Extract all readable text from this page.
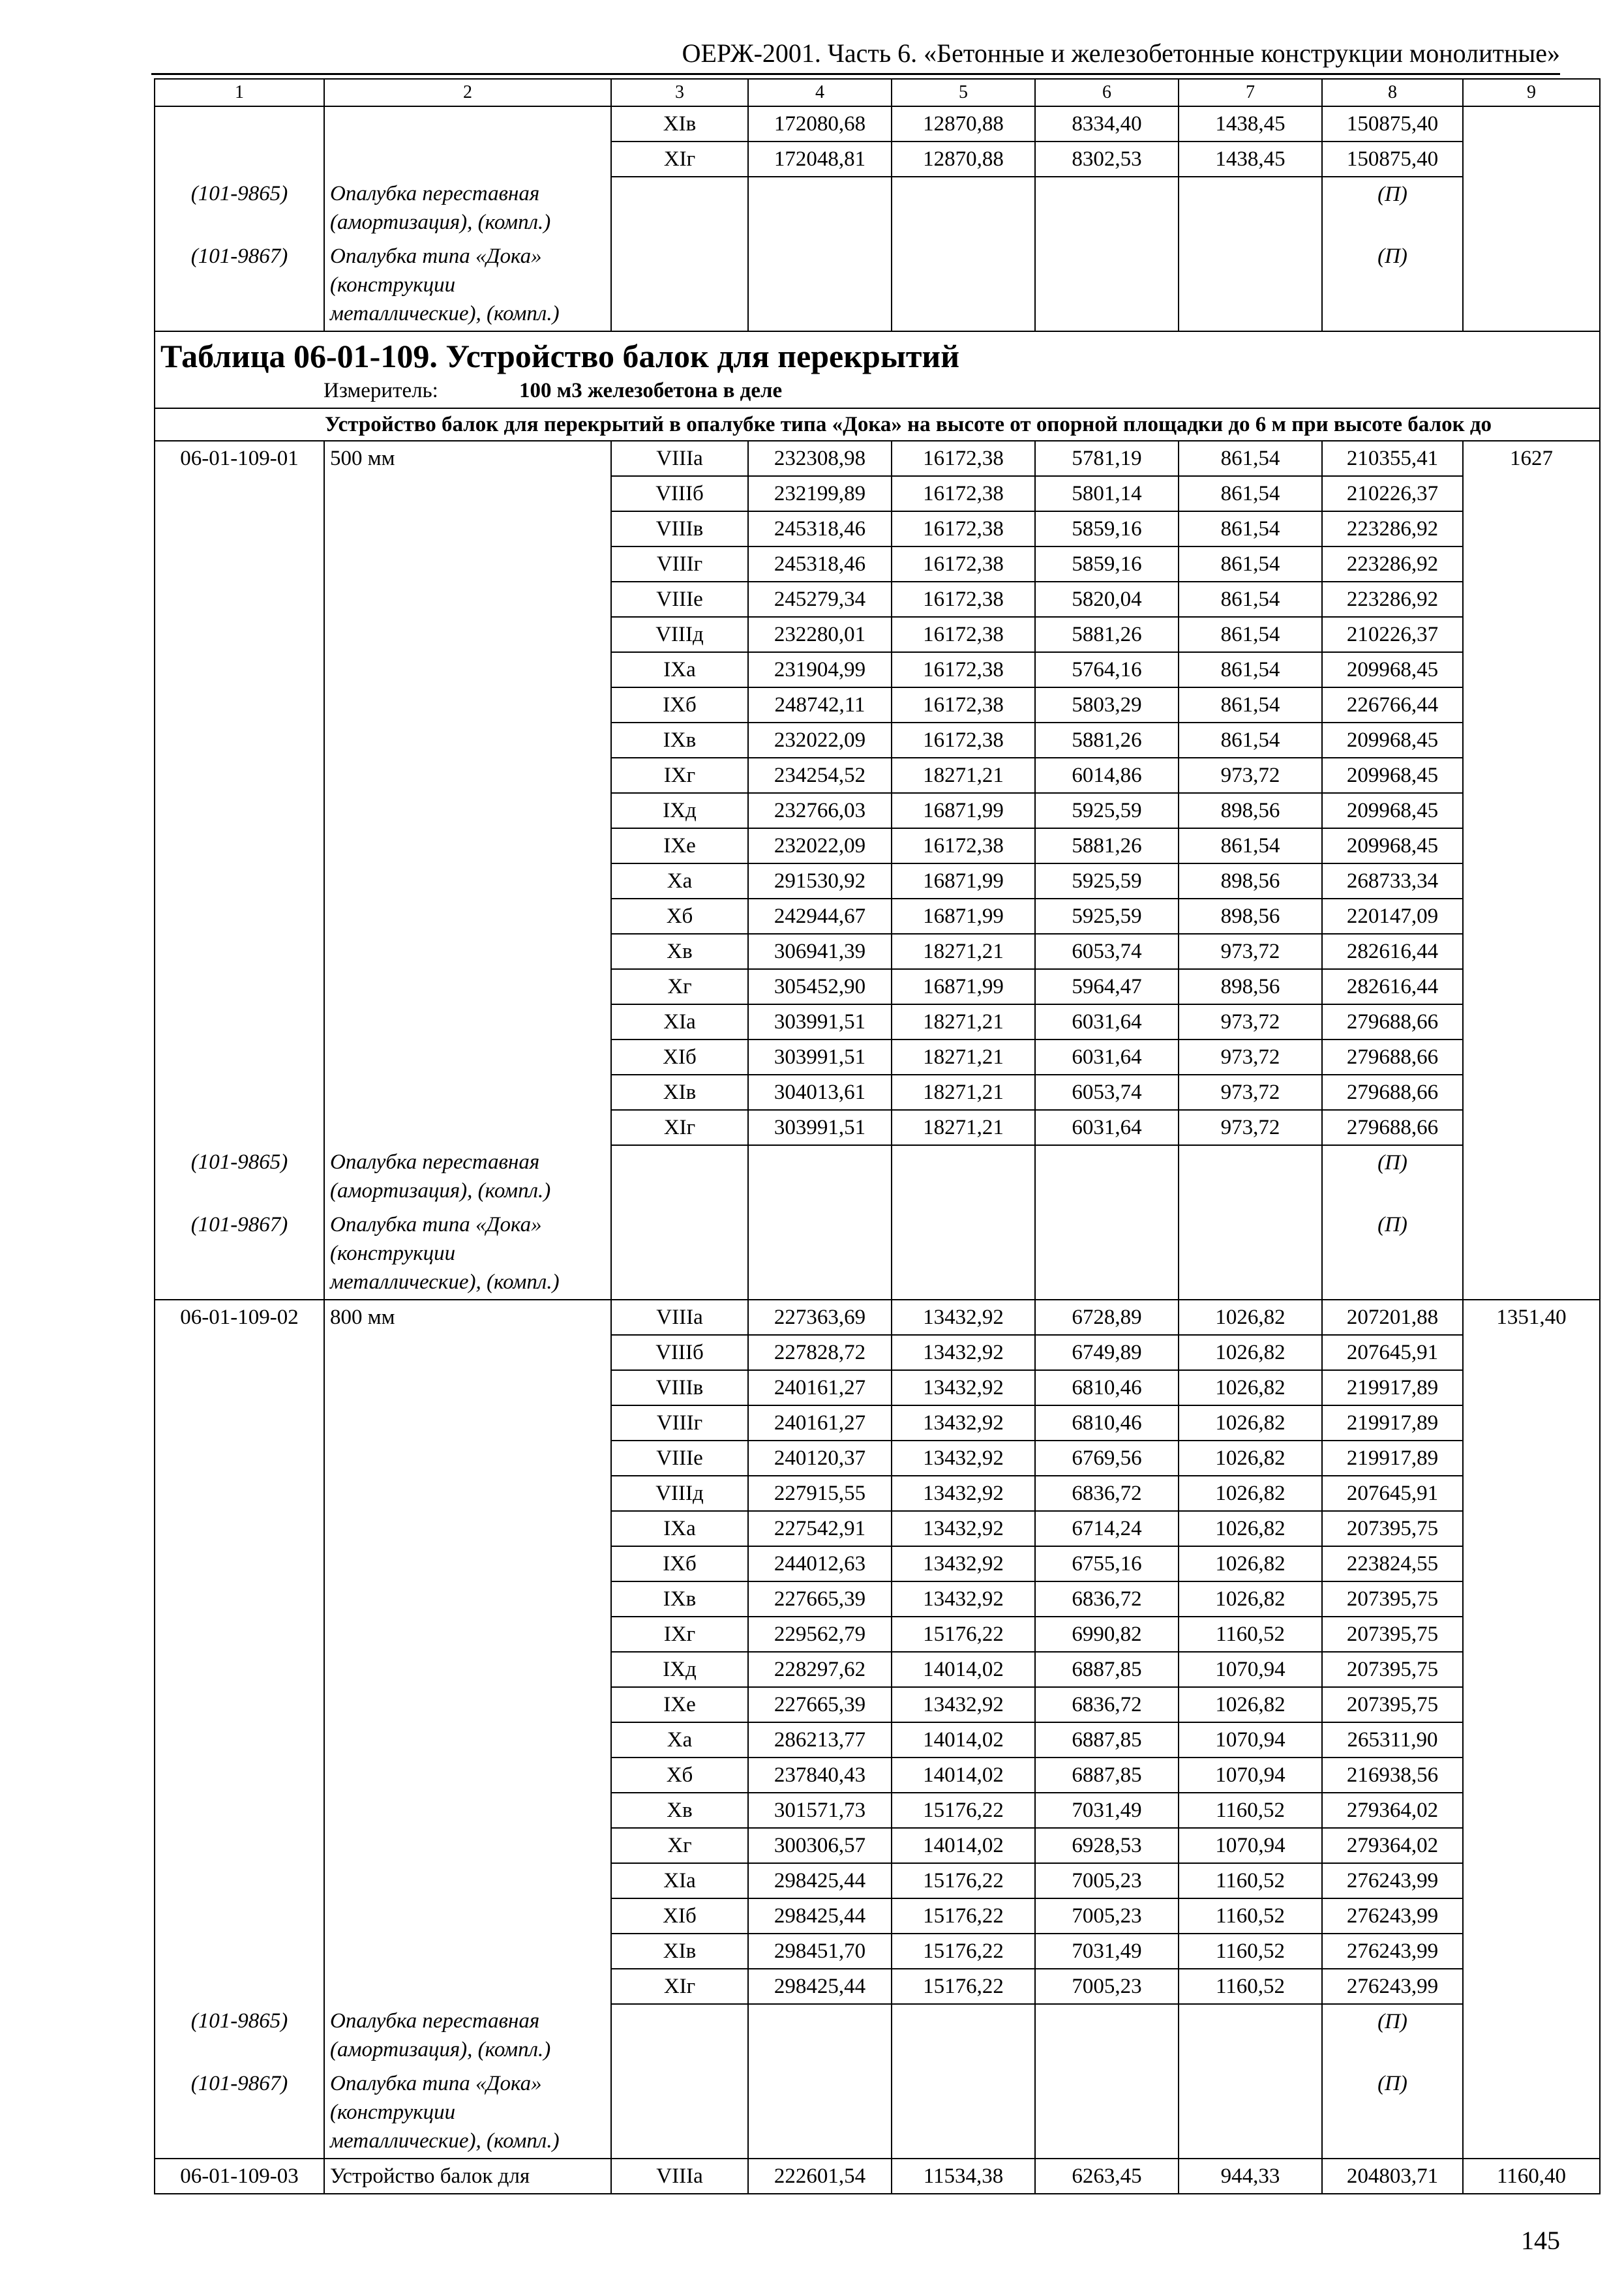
ОЕРЖ-2001. Часть 6. «Бетонные и железобетонные конструкции монолитные»
1	2	3	4	5	6	7	8	9
		XIв	172080,68	12870,88	8334,40	1438,45	150875,40	
		XIг	172048,81	12870,88	8302,53	1438,45	150875,40	
(101-9865)	Опалубка переставная (амортизация), (компл.)						(П)	
(101-9867)	Опалубка типа «Дока» (конструкции металлические), (компл.)						(П)	
Таблица 06-01-109. Устройство балок для перекрытий								
Измеритель: 100 м3 железобетона в деле								
Устройство балок для перекрытий в опалубке типа «Дока» на высоте от опорной площадки до 6 м при высоте балок до								
06-01-109-01	500 мм	VIIIа	232308,98	16172,38	5781,19	861,54	210355,41	1627
		VIIIб	232199,89	16172,38	5801,14	861,54	210226,37	
		VIIIв	245318,46	16172,38	5859,16	861,54	223286,92	
		VIIIг	245318,46	16172,38	5859,16	861,54	223286,92	
		VIIIе	245279,34	16172,38	5820,04	861,54	223286,92	
		VIIIд	232280,01	16172,38	5881,26	861,54	210226,37	
		IXа	231904,99	16172,38	5764,16	861,54	209968,45	
		IXб	248742,11	16172,38	5803,29	861,54	226766,44	
		IXв	232022,09	16172,38	5881,26	861,54	209968,45	
		IXг	234254,52	18271,21	6014,86	973,72	209968,45	
		IXд	232766,03	16871,99	5925,59	898,56	209968,45	
		IXе	232022,09	16172,38	5881,26	861,54	209968,45	
		Xа	291530,92	16871,99	5925,59	898,56	268733,34	
		Xб	242944,67	16871,99	5925,59	898,56	220147,09	
		Xв	306941,39	18271,21	6053,74	973,72	282616,44	
		Xг	305452,90	16871,99	5964,47	898,56	282616,44	
		XIа	303991,51	18271,21	6031,64	973,72	279688,66	
		XIб	303991,51	18271,21	6031,64	973,72	279688,66	
		XIв	304013,61	18271,21	6053,74	973,72	279688,66	
		XIг	303991,51	18271,21	6031,64	973,72	279688,66	
(101-9865)	Опалубка переставная (амортизация), (компл.)						(П)	
(101-9867)	Опалубка типа «Дока» (конструкции металлические), (компл.)						(П)	
06-01-109-02	800 мм	VIIIа	227363,69	13432,92	6728,89	1026,82	207201,88	1351,40
		VIIIб	227828,72	13432,92	6749,89	1026,82	207645,91	
		VIIIв	240161,27	13432,92	6810,46	1026,82	219917,89	
		VIIIг	240161,27	13432,92	6810,46	1026,82	219917,89	
		VIIIе	240120,37	13432,92	6769,56	1026,82	219917,89	
		VIIIд	227915,55	13432,92	6836,72	1026,82	207645,91	
		IXа	227542,91	13432,92	6714,24	1026,82	207395,75	
		IXб	244012,63	13432,92	6755,16	1026,82	223824,55	
		IXв	227665,39	13432,92	6836,72	1026,82	207395,75	
		IXг	229562,79	15176,22	6990,82	1160,52	207395,75	
		IXд	228297,62	14014,02	6887,85	1070,94	207395,75	
		IXе	227665,39	13432,92	6836,72	1026,82	207395,75	
		Xа	286213,77	14014,02	6887,85	1070,94	265311,90	
		Xб	237840,43	14014,02	6887,85	1070,94	216938,56	
		Xв	301571,73	15176,22	7031,49	1160,52	279364,02	
		Xг	300306,57	14014,02	6928,53	1070,94	279364,02	
		XIа	298425,44	15176,22	7005,23	1160,52	276243,99	
		XIб	298425,44	15176,22	7005,23	1160,52	276243,99	
		XIв	298451,70	15176,22	7031,49	1160,52	276243,99	
		XIг	298425,44	15176,22	7005,23	1160,52	276243,99	
(101-9865)	Опалубка переставная (амортизация), (компл.)						(П)	
(101-9867)	Опалубка типа «Дока» (конструкции металлические), (компл.)						(П)	
06-01-109-03	Устройство балок для	VIIIа	222601,54	11534,38	6263,45	944,33	204803,71	1160,40
145
